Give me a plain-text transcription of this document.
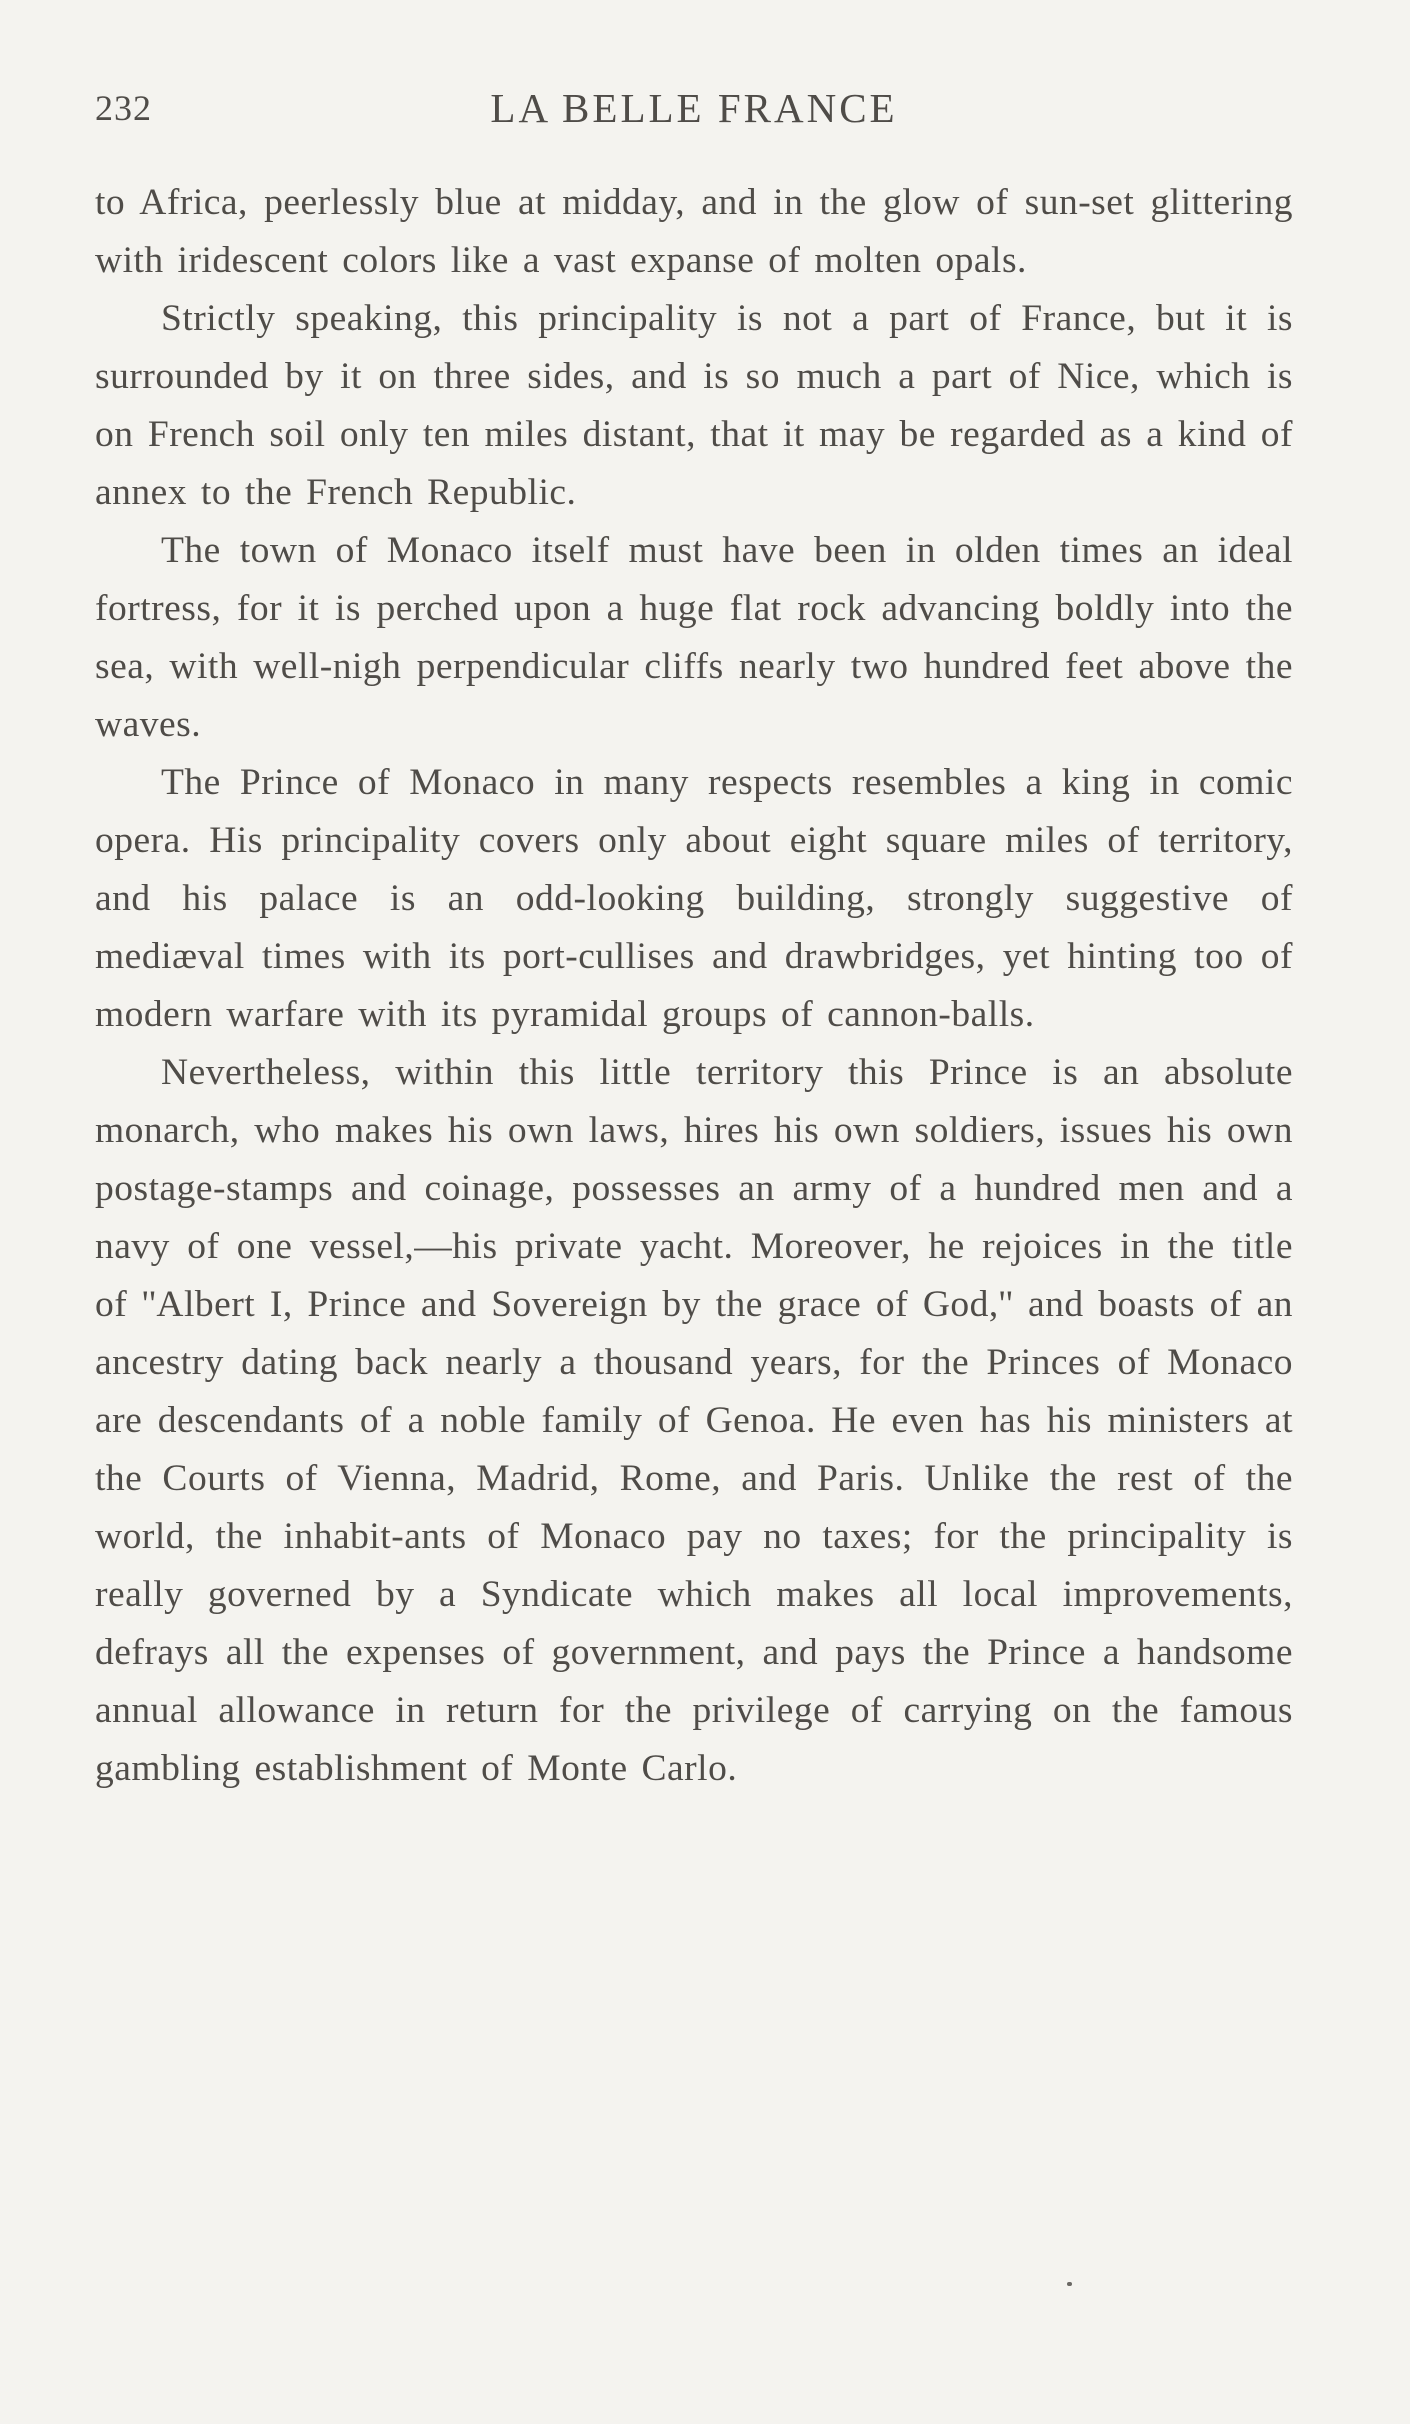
232	LA BELLE FRANCE

to Africa, peerlessly blue at midday, and in the glow of sun-set glittering with iridescent colors like a vast expanse of molten opals.

Strictly speaking, this principality is not a part of France, but it is surrounded by it on three sides, and is so much a part of Nice, which is on French soil only ten miles distant, that it may be regarded as a kind of annex to the French Republic.

The town of Monaco itself must have been in olden times an ideal fortress, for it is perched upon a huge flat rock advancing boldly into the sea, with well-nigh perpendicular cliffs nearly two hundred feet above the waves.

The Prince of Monaco in many respects resembles a king in comic opera. His principality covers only about eight square miles of territory, and his palace is an odd-looking building, strongly suggestive of mediæval times with its port-cullises and drawbridges, yet hinting too of modern warfare with its pyramidal groups of cannon-balls.

Nevertheless, within this little territory this Prince is an absolute monarch, who makes his own laws, hires his own soldiers, issues his own postage-stamps and coinage, possesses an army of a hundred men and a navy of one vessel,—his private yacht. Moreover, he rejoices in the title of ''Albert I, Prince and Sovereign by the grace of God,'' and boasts of an ancestry dating back nearly a thousand years, for the Princes of Monaco are descendants of a noble family of Genoa. He even has his ministers at the Courts of Vienna, Madrid, Rome, and Paris. Unlike the rest of the world, the inhabit-ants of Monaco pay no taxes; for the principality is really governed by a Syndicate which makes all local improvements, defrays all the expenses of government, and pays the Prince a handsome annual allowance in return for the privilege of carrying on the famous gambling establishment of Monte Carlo.
